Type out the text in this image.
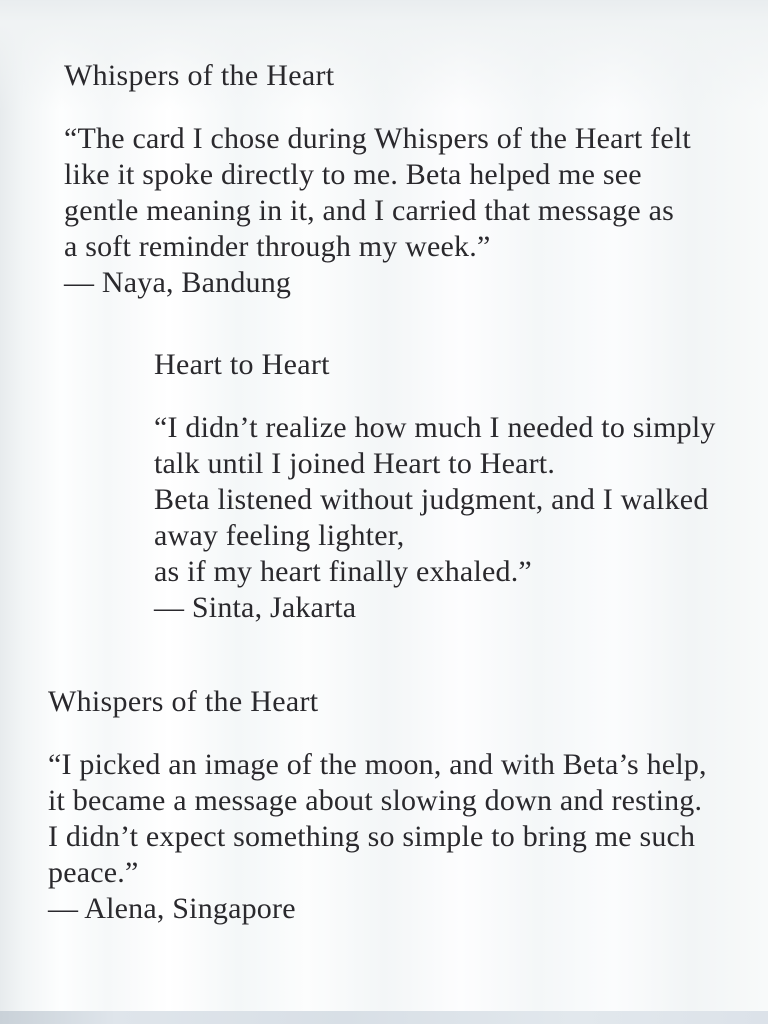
Whispers of the Heart

“The card I chose during Whispers of the Heart felt

like it spoke directly to me. Beta helped me see

gentle meaning in it, and I carried that message as

a soft reminder through my week.”

— Naya, Bandung

Heart to Heart

“I didn’t realize how much I needed to simply

talk until I joined Heart to Heart.

Beta listened without judgment, and I walked

away feeling lighter,

as if my heart finally exhaled.”

— Sinta, Jakarta

Whispers of the Heart

“I picked an image of the moon, and with Beta’s help,

it became a message about slowing down and resting.

I didn’t expect something so simple to bring me such

peace.”

— Alena, Singapore
